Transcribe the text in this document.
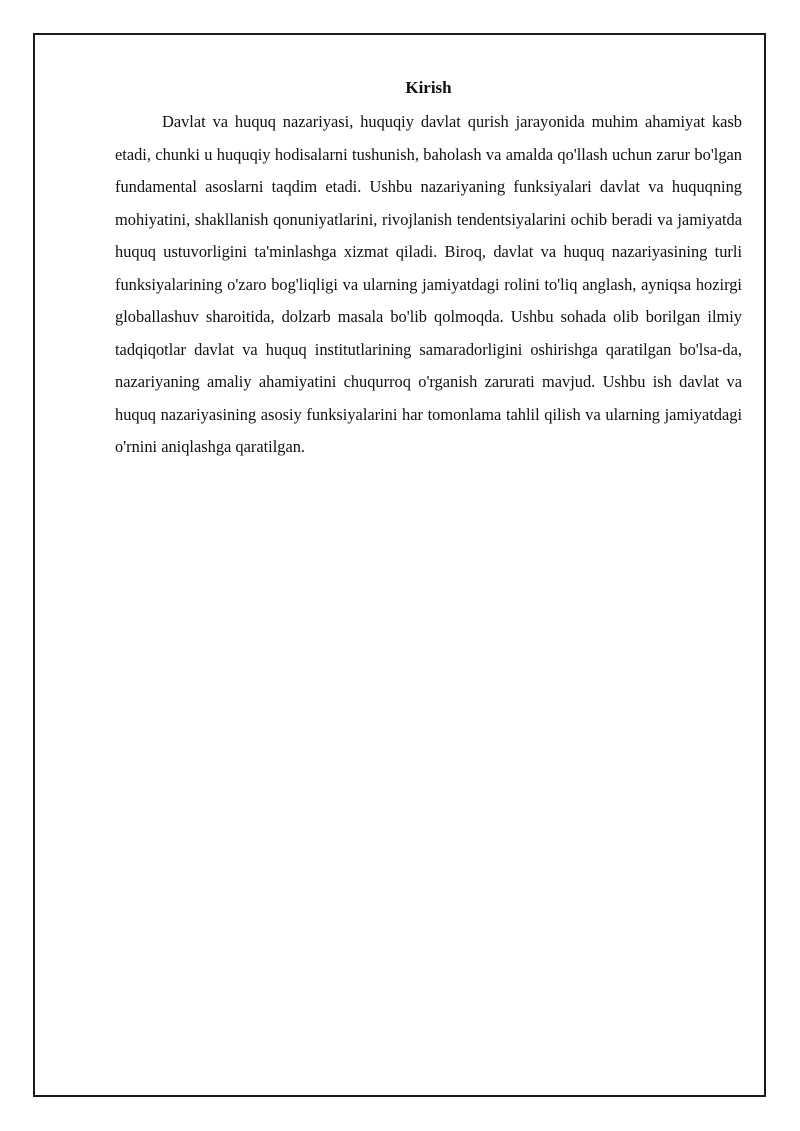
Kirish

Davlat va huquq nazariyasi, huquqiy davlat qurish jarayonida muhim ahamiyat kasb etadi, chunki u huquqiy hodisalarni tushunish, baholash va amalda qo'llash uchun zarur bo'lgan fundamental asoslarni taqdim etadi. Ushbu nazariyaning funksiyalari davlat va huquqning mohiyatini, shakllanish qonuniyatlarini, rivojlanish tendentsiyalarini ochib beradi va jamiyatda huquq ustuvorligini ta'minlashga xizmat qiladi. Biroq, davlat va huquq nazariyasining turli funksiyalarining o'zaro bog'liqligi va ularning jamiyatdagi rolini to'liq anglash, ayniqsa hozirgi globallashuv sharoitida, dolzarb masala bo'lib qolmoqda. Ushbu sohada olib borilgan ilmiy tadqiqotlar davlat va huquq institutlarining samaradorligini oshirishga qaratilgan bo'lsa-da, nazariyaning amaliy ahamiyatini chuqurroq o'rganish zarurati mavjud. Ushbu ish davlat va huquq nazariyasining asosiy funksiyalarini har tomonlama tahlil qilish va ularning jamiyatdagi o'rnini aniqlashga qaratilgan.
